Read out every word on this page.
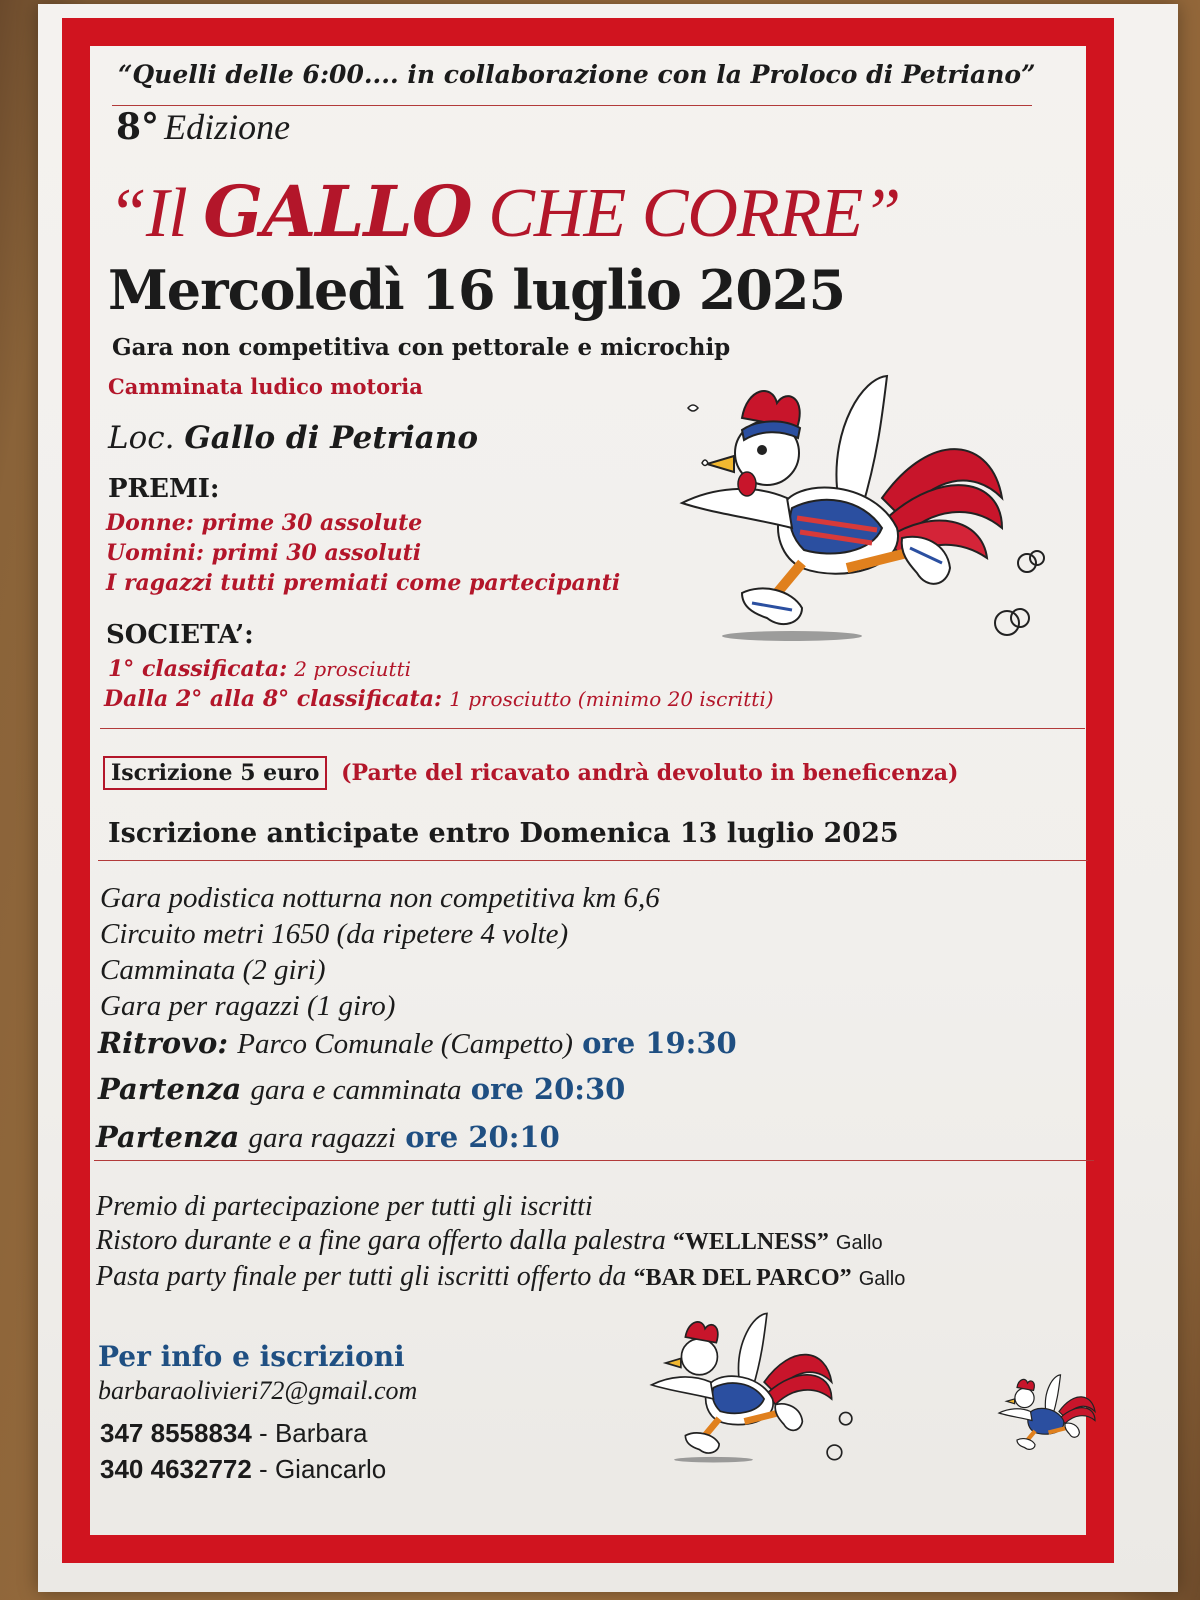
“Quelli delle 6:00.... in collaborazione con la Proloco di Petriano”
8° Edizione
“Il GALLO CHE CORRE”
Mercoledì 16 luglio 2025
Gara non competitiva con pettorale e microchip
Camminata ludico motoria
Loc. Gallo di Petriano
PREMI:
Donne: prime 30 assolute
Uomini: primi 30 assoluti
I ragazzi tutti premiati come partecipanti
SOCIETA’:
1° classificata: 2 prosciutti
Dalla 2° alla 8° classificata: 1 prosciutto (minimo 20 iscritti)
Iscrizione 5 euro (Parte del ricavato andrà devoluto in beneficenza)
Iscrizione anticipate entro Domenica 13 luglio 2025
Gara podistica notturna non competitiva km 6,6
Circuito metri 1650 (da ripetere 4 volte)
Camminata (2 giri)
Gara per ragazzi (1 giro)
Ritrovo: Parco Comunale (Campetto) ore 19:30
Partenza gara e camminata ore 20:30
Partenza gara ragazzi ore 20:10
Premio di partecipazione per tutti gli iscritti
Ristoro durante e a fine gara offerto dalla palestra “WELLNESS” Gallo
Pasta party finale per tutti gli iscritti offerto da “BAR DEL PARCO” Gallo
Per info e iscrizioni
barbaraolivieri72@gmail.com
347 8558834 - Barbara
340 4632772 - Giancarlo
